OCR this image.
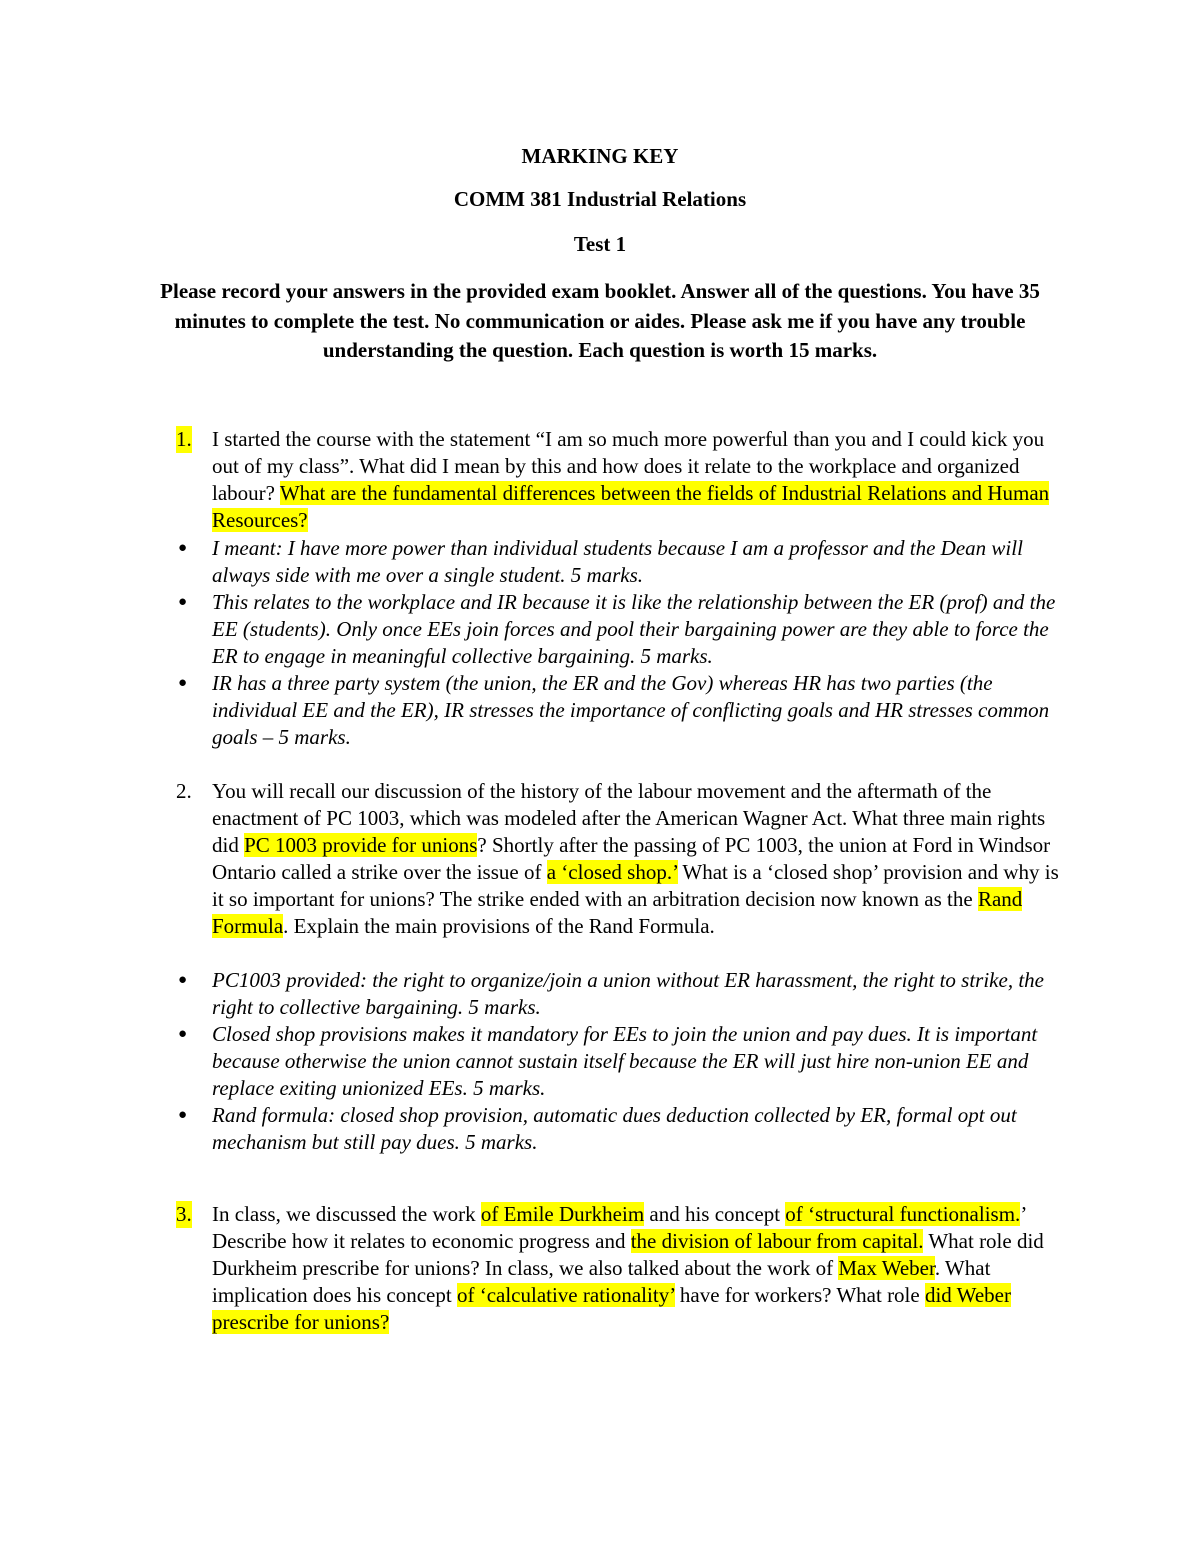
MARKING KEY
COMM 381 Industrial Relations
Test 1
Please record your answers in the provided exam booklet. Answer all of the questions. You have 35 minutes to complete the test. No communication or aides. Please ask me if you have any trouble understanding the question. Each question is worth 15 marks.
1. I started the course with the statement “I am so much more powerful than you and I could kick you out of my class”. What did I mean by this and how does it relate to the workplace and organized labour? What are the fundamental differences between the fields of Industrial Relations and Human Resources?
● I meant: I have more power than individual students because I am a professor and the Dean will always side with me over a single student. 5 marks.
● This relates to the workplace and IR because it is like the relationship between the ER (prof) and the EE (students). Only once EEs join forces and pool their bargaining power are they able to force the ER to engage in meaningful collective bargaining. 5 marks.
● IR has a three party system (the union, the ER and the Gov) whereas HR has two parties (the individual EE and the ER), IR stresses the importance of conflicting goals and HR stresses common goals – 5 marks.
2. You will recall our discussion of the history of the labour movement and the aftermath of the enactment of PC 1003, which was modeled after the American Wagner Act. What three main rights did PC 1003 provide for unions? Shortly after the passing of PC 1003, the union at Ford in Windsor Ontario called a strike over the issue of a ‘closed shop.’ What is a ‘closed shop’ provision and why is it so important for unions? The strike ended with an arbitration decision now known as the Rand Formula. Explain the main provisions of the Rand Formula.
● PC1003 provided: the right to organize/join a union without ER harassment, the right to strike, the right to collective bargaining. 5 marks.
● Closed shop provisions makes it mandatory for EEs to join the union and pay dues. It is important because otherwise the union cannot sustain itself because the ER will just hire non-union EE and replace exiting unionized EEs. 5 marks.
● Rand formula: closed shop provision, automatic dues deduction collected by ER, formal opt out mechanism but still pay dues. 5 marks.
3. In class, we discussed the work of Emile Durkheim and his concept of ‘structural functionalism.’ Describe how it relates to economic progress and the division of labour from capital. What role did Durkheim prescribe for unions? In class, we also talked about the work of Max Weber. What implication does his concept of ‘calculative rationality’ have for workers? What role did Weber prescribe for unions?
